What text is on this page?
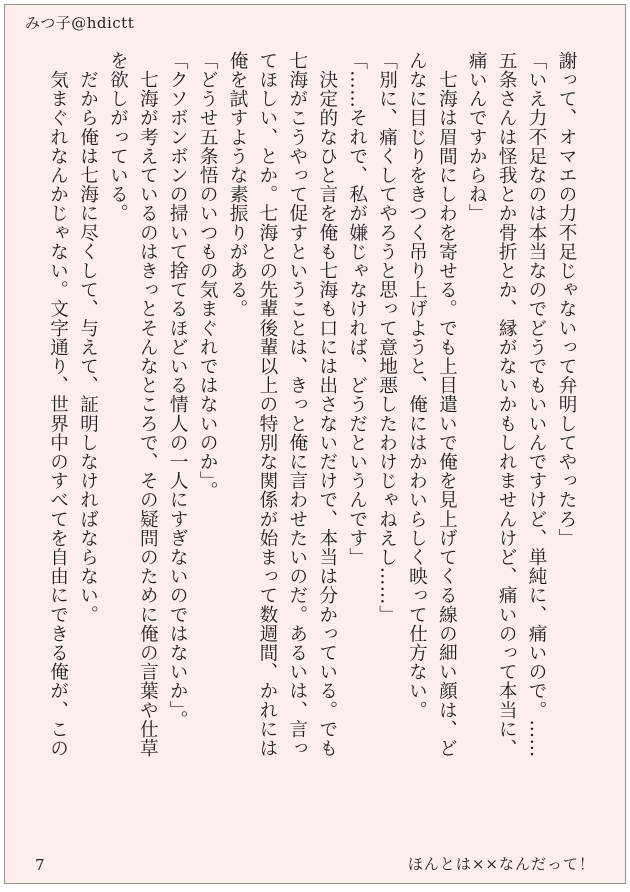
みつ子@hdictt
謝って、オマエの力不足じゃないって弁明してやったろ」
「いえ力不足なのは本当なのでどうでもいいんですけど、単純に、痛いので。……
五条さんは怪我とか骨折とか、縁がないかもしれませんけど、痛いのって本当に、
痛いんですからね」
　七海は眉間にしわを寄せる。でも上目遣いで俺を見上げてくる線の細い顔は、ど
んなに目じりをきつく吊り上げようと、俺にはかわいらしく映って仕方ない。
「別に、痛くしてやろうと思って意地悪したわけじゃねえし……」
「……それで、私が嫌じゃなければ、どうだというんです」
　決定的なひと言を俺も七海も口には出さないだけで、本当は分かっている。でも
七海がこうやって促すということは、きっと俺に言わせたいのだ。あるいは、言っ
てほしい、とか。七海との先輩後輩以上の特別な関係が始まって数週間、かれには
俺を試すような素振りがある。
「どうせ五条悟のいつもの気まぐれではないのか」。
「クソボンボンの掃いて捨てるほどいる情人の一人にすぎないのではないか」。
　七海が考えているのはきっとそんなところで、その疑問のために俺の言葉や仕草
を欲しがっている。
　だから俺は七海に尽くして、与えて、証明しなければならない。
　気まぐれなんかじゃない。文字通り、世界中のすべてを自由にできる俺が、この
7	ほんとは××なんだって！
